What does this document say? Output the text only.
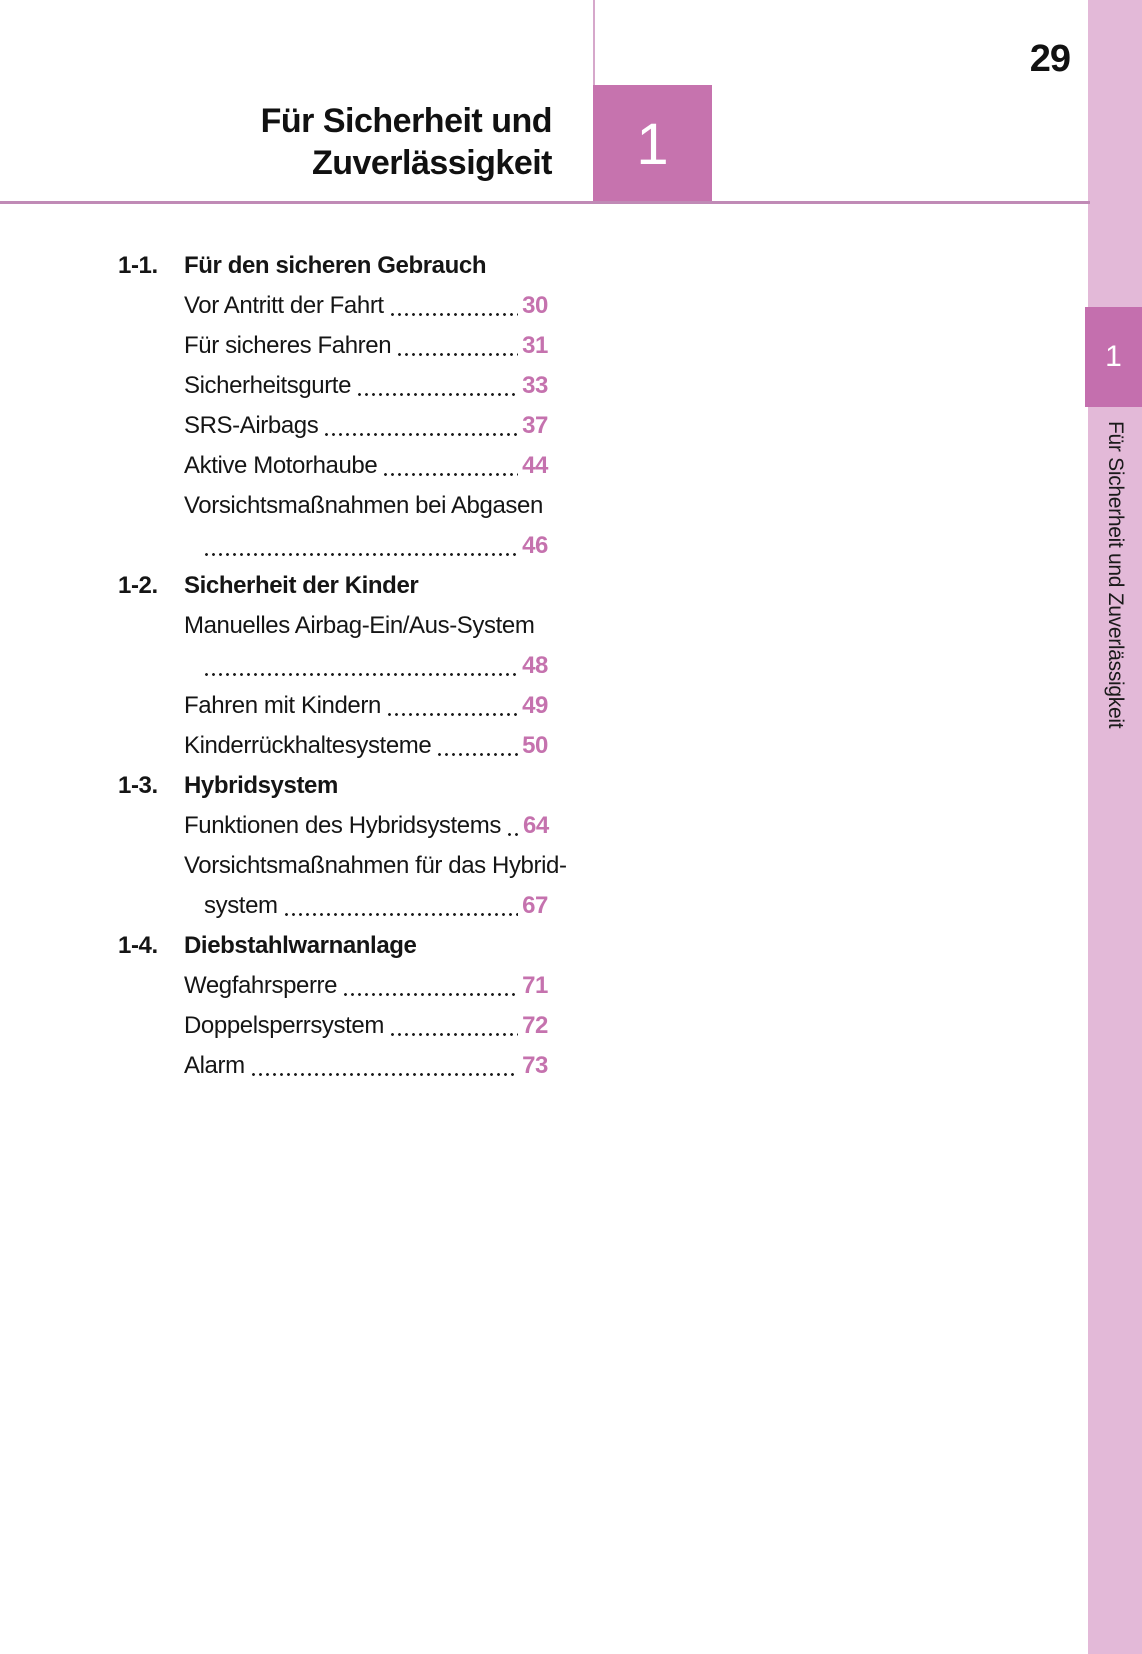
1
Für Sicherheit und Zuverlässigkeit
29
1
Für Sicherheit und
Zuverlässigkeit
1-1.	Für den sicheren Gebrauch
Vor Antritt der Fahrt	30
Für sicheres Fahren	31
Sicherheitsgurte	33
SRS-Airbags	37
Aktive Motorhaube	44
Vorsichtsmaßnahmen bei Abgasen
46
1-2.	Sicherheit der Kinder
Manuelles Airbag-Ein/Aus-System
48
Fahren mit Kindern	49
Kinderrückhaltesysteme	50
1-3.	Hybridsystem
Funktionen des Hybridsystems 64
Vorsichtsmaßnahmen für das Hybrid-
system	67
1-4.	Diebstahlwarnanlage
Wegfahrsperre	71
Doppelsperrsystem	72
Alarm	73
